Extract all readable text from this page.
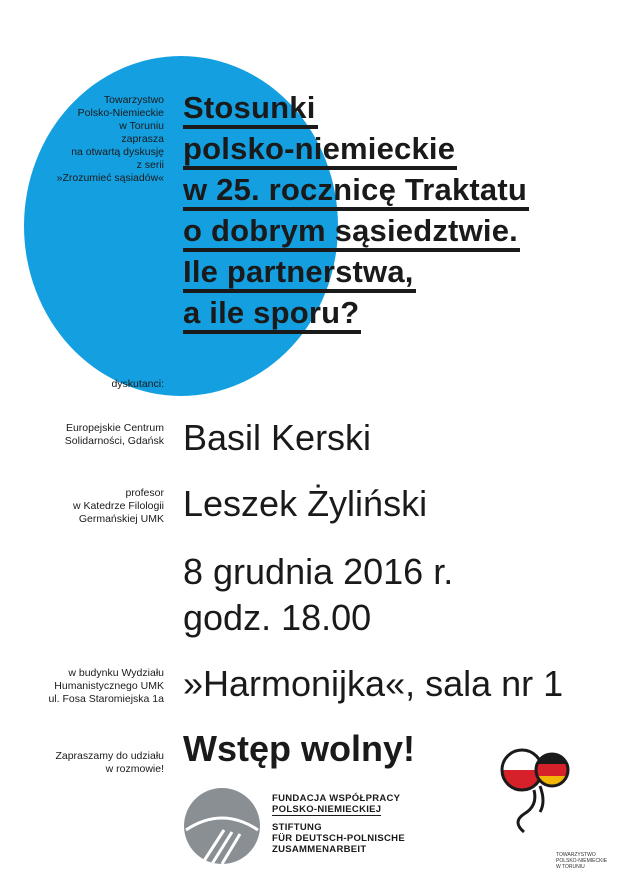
Towarzystwo
Polsko-Niemieckie
w Toruniu
zaprasza
na otwartą dyskusję
z serii
»Zrozumieć sąsiadów«
Stosunki
polsko-niemieckie
w 25. rocznicę Traktatu
o dobrym sąsiedztwie.
Ile partnerstwa,
a ile sporu?
dyskutanci:
Europejskie Centrum
Solidarności, Gdańsk Basil Kerski
profesor
w Katedrze Filologii
Germańskiej UMK Leszek Żyliński
8 grudnia 2016 r.
godz. 18.00
w budynku Wydziału
Humanistycznego UMK
ul. Fosa Staromiejska 1a »Harmonijka«, sala nr 1
Zapraszamy do udziału
w rozmowie! Wstęp wolny!
FUNDACJA WSPÓŁPRACY
POLSKO-NIEMIECKIEJ
STIFTUNG
FÜR DEUTSCH-POLNISCHE
ZUSAMMENARBEIT	TOWARZYSTWO
POLSKO-NIEMIECKIE
W TORUNIU
